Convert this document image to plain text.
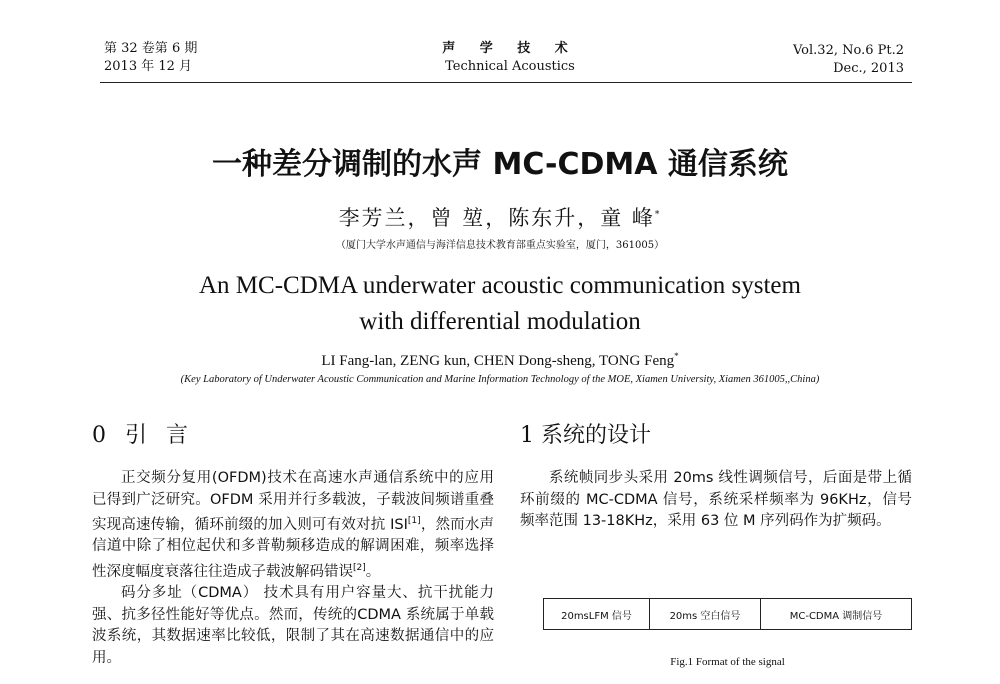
第 32 卷第 6 期
2013 年 12 月
声 学 技 术
Technical Acoustics
Vol.32, No.6 Pt.2
Dec., 2013
一种差分调制的水声 MC-CDMA 通信系统
李芳兰，曾 堃，陈东升，童 峰*
（厦门大学水声通信与海洋信息技术教育部重点实验室，厦门，361005）
An MC-CDMA underwater acoustic communication system
with differential modulation
LI Fang-lan, ZENG kun, CHEN Dong-sheng, TONG Feng*
(Key Laboratory of Underwater Acoustic Communication and Marine Information Technology of the MOE, Xiamen University, Xiamen 361005,,China)
0 引 言	1 系统的设计

正交频分复用(OFDM)技术在高速水声通信系统中的应用已得到广泛研究。OFDM 采用并行多载波，子载波间频谱重叠实现高速传输，循环前缀的加入则可有效对抗 ISI[1]，然而水声信道中除了相位起伏和多普勒频移造成的解调困难，频率选择性深度幅度衰落往往造成子载波解码错误[2]。

码分多址（CDMA） 技术具有用户容量大、抗干扰能力强、抗多径性能好等优点。然而，传统的CDMA 系统属于单载波系统，其数据速率比较低，限制了其在高速数据通信中的应用。

系统帧同步头采用 20ms 线性调频信号，后面是带上循环前缀的 MC-CDMA 信号，系统采样频率为 96KHz，信号频率范围 13-18KHz，采用 63 位 M 序列码作为扩频码。

20msLFM 信号	20ms 空白信号	MC-CDMA 调制信号
Fig.1 Format of the signal
